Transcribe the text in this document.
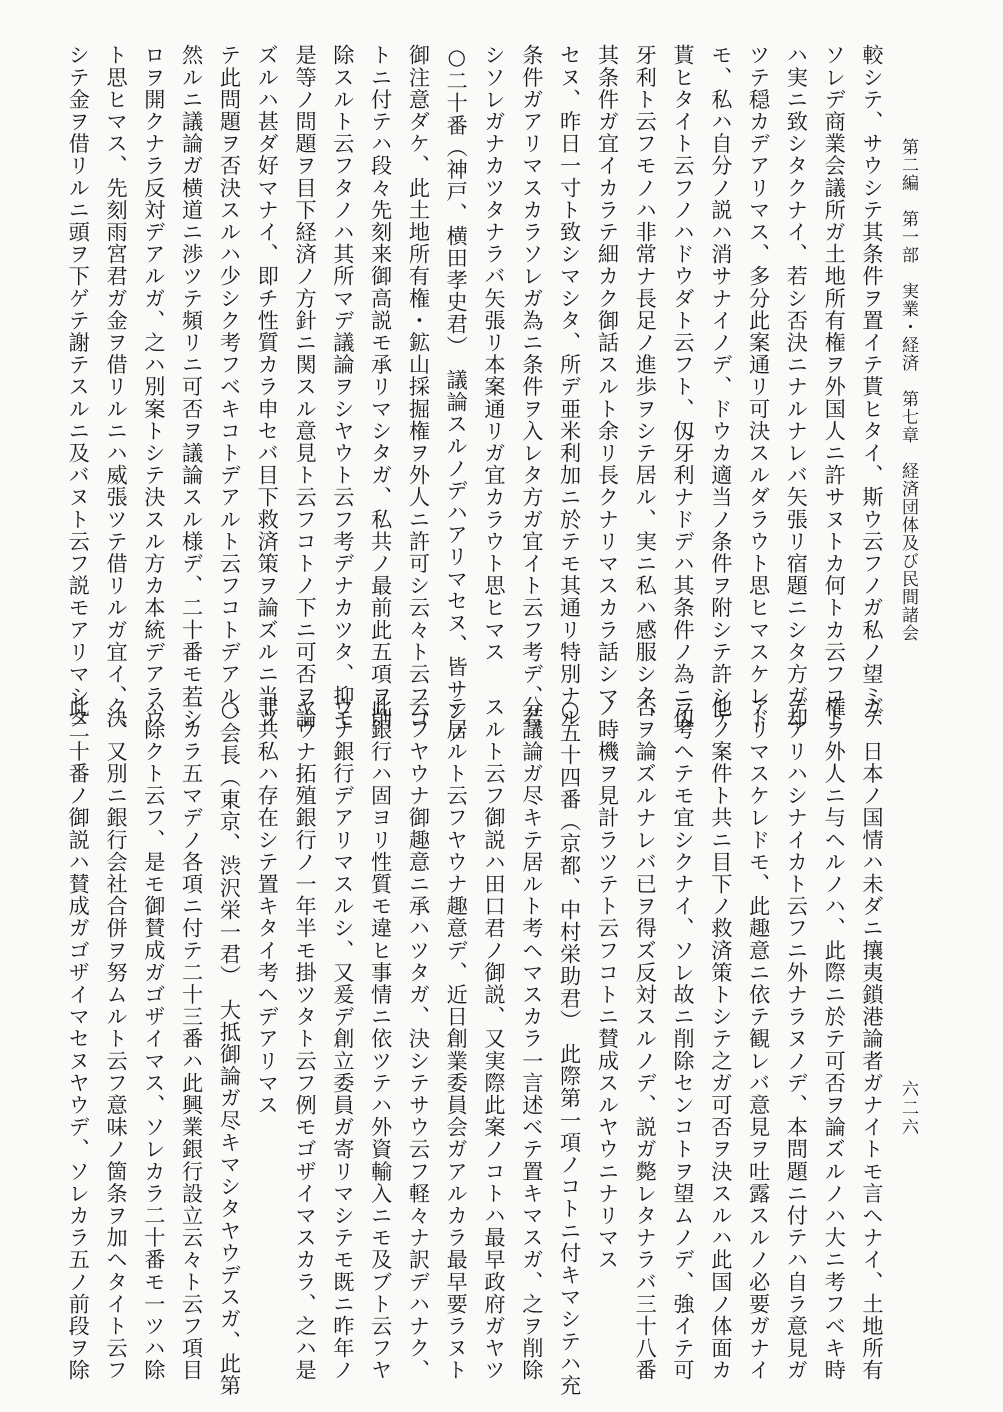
第二編　第一部　実業・経済　第七章　経済団体及び民間諸会
六二六
較シテ、サウシテ其条件ヲ置イテ貰ヒタイ、斯ウ云フノガ私ノ望ミデ
ソレデ商業会議所ガ土地所有権ヲ外国人ニ許サヌトカ何トカ云フコト
ハ実ニ致シタクナイ、若シ否決ニナルナレバ矢張リ宿題ニシタ方ガ却
ツテ穏カデアリマス、多分此案通リ可決スルダラウト思ヒマスケレド
モ、私ハ自分ノ説ハ消サナイノデ、ドウカ適当ノ条件ヲ附シテ許シテ
貰ヒタイト云フノハドウダト云フト、仭牙利ナドデハ其条件ノ為ニ仭
牙利ト云フモノハ非常ナ長足ノ進歩ヲシテ居ル、実ニ私ハ感服シタ、
其条件ガ宜イカラテ細カク御話スルト余リ長クナリマスカラ話シマ
セヌ、昨日一寸ト致シマシタ、所デ亜米利加ニ於テモ其通リ特別ナル
条件ガアリマスカラソレガ為ニ条件ヲ入レタ方ガ宜イト云フ考デ、若
シソレガナカツタナラバ矢張リ本案通リガ宜カラウト思ヒマス
○二十番（神戸、横田孝史君）　議論スルノデハアリマセヌ、皆サンノ
御注意ダケ、此土地所有権・鉱山採掘権ヲ外人ニ許可シ云々ト云フコ
トニ付テハ段々先刻来御高説モ承リマシタガ、私共ノ最前此五項ヲ削
除スルト云フタノハ其所マデ議論ヲシヤウト云フ考デナカツタ、抑モ
是等ノ問題ヲ目下経済ノ方針ニ関スル意見ト云フコトノ下ニ可否ヲ論
ズルハ甚ダ好マナイ、即チ性質カラ申セバ目下救済策ヲ論ズルニ当ツ
テ此問題ヲ否決スルハ少シク考フベキコトデアルト云フコトデアル、
然ルニ議論ガ横道ニ渉ツテ頻リニ可否ヲ議論スル様デ、二十番モ若シ
ロヲ開クナラ反対デアルガ、之ハ別案トシテ決スル方カ本統デアラウ
ト思ヒマス、先刻雨宮君ガ金ヲ借リルニハ威張ツテ借リルガ宜イ、決
シテ金ヲ借リルニ頭ヲ下ゲテ謝テスルニ及バヌト云フ説モアリマシタ
ガ、日本ノ国情ハ未ダニ攘夷鎖港論者ガナイトモ言ヘナイ、土地所有
権ヲ外人ニ与ヘルノハ、此際ニ於テ可否ヲ論ズルノハ大ニ考フベキ時
デアリハシナイカト云フニ外ナラヌノデ、本問題ニ付テハ自ラ意見ガ
アリマスケレドモ、此趣意ニ依テ観レバ意見ヲ吐露スルノ必要ガナイ
他ノ案件ト共ニ目下ノ救済策トシテ之ガ可否ヲ決スルハ此国ノ体面カ
ラ考ヘテモ宜シクナイ、ソレ故ニ削除センコトヲ望ムノデ、強イテ可
否ヲ論ズルナレバ已ヲ得ズ反対スルノデ、説ガ斃レタナラバ三十八番
ノ時機ヲ見計ラツテト云フコトニ賛成スルヤウニナリマス
○五十四番（京都、中村栄助君）　此際第一項ノコトニ付キマシテハ充
分議論ガ尽キテ居ルト考ヘマスカラ一言述ベテ置キマスガ、之ヲ削除
スルト云フ御説ハ田口君ノ御説、又実際此案ノコトハ最早政府ガヤツ
テ居ルト云フヤウナ趣意デ、近日創業委員会ガアルカラ最早要ラヌト
云フヤウナ御趣意ニ承ハツタガ、決シテサウ云フ軽々ナ訳デハナク、
此銀行ハ固ヨリ性質モ違ヒ事情ニ依ツテハ外資輸入ニモ及ブト云フヤ
ウナ銀行デアリマスルシ、又爰デ創立委員ガ寄リマシテモ既ニ昨年ノ
ヤウナ拓殖銀行ノ一年半モ掛ツタト云フ例モゴザイマスカラ、之ハ是
非共私ハ存在シテ置キタイ考ヘデアリマス
○会長（東京、渋沢栄一君）　大抵御論ガ尽キマシタヤウデスガ、此第
一カラ五マデノ各項ニ付テ二十三番ハ此興業銀行設立云々ト云フ項目
ハ除クト云フ、是モ御賛成ガゴザイマス、ソレカラ二十番モ一ツハ除
ク、又別ニ銀行会社合併ヲ努ムルト云フ意味ノ箇条ヲ加ヘタイト云フ
此二十番ノ御説ハ賛成ガゴザイマセヌヤウデ、ソレカラ五ノ前段ヲ除
